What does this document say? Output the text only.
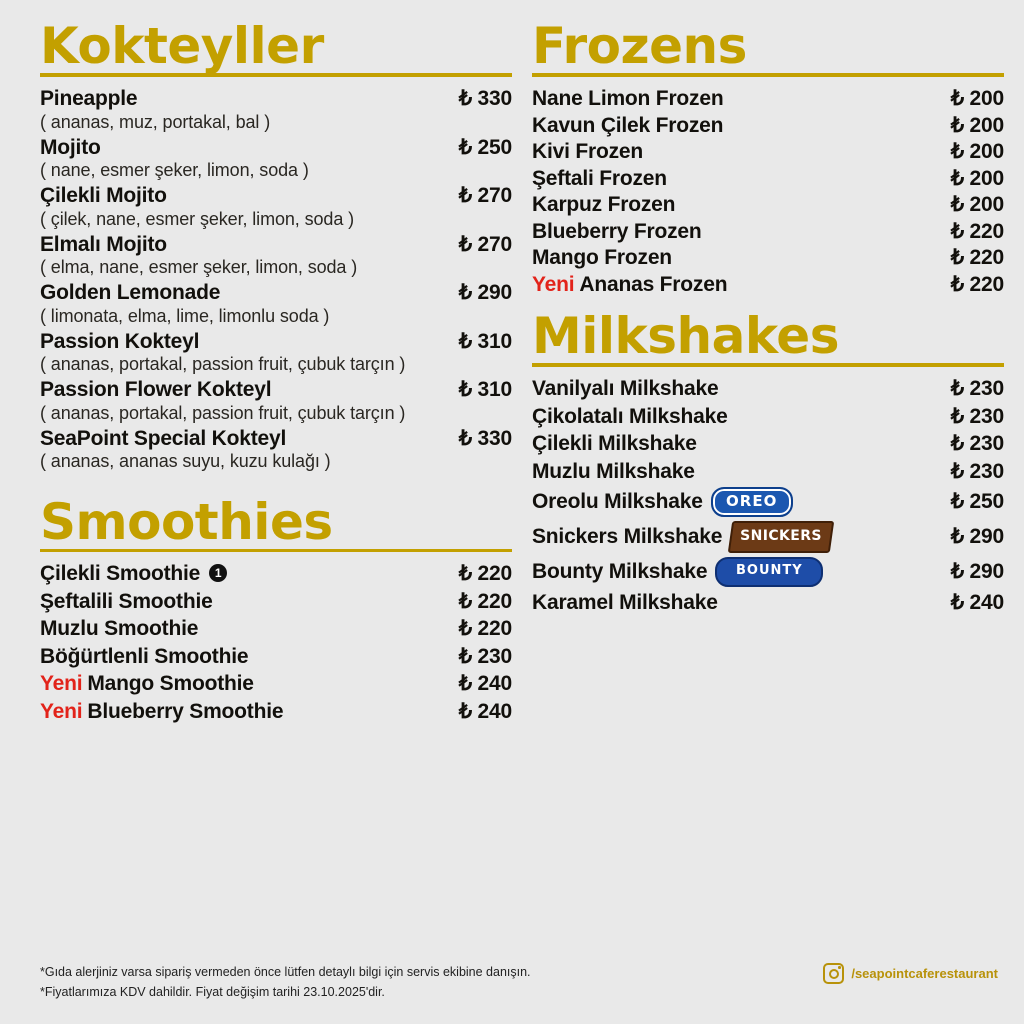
Kokteyller
Pineapple	₺ 330
( ananas, muz, portakal, bal )
Mojito	₺ 250
( nane, esmer şeker, limon, soda )
Çilekli Mojito	₺ 270
( çilek, nane, esmer şeker, limon, soda )
Elmalı Mojito	₺ 270
( elma, nane, esmer şeker, limon, soda )
Golden Lemonade	₺ 290
( limonata, elma, lime, limonlu soda )
Passion Kokteyl	₺ 310
( ananas, portakal, passion fruit, çubuk tarçın )
Passion Flower Kokteyl	₺ 310
( ananas, portakal, passion fruit, çubuk tarçın )
SeaPoint Special Kokteyl	₺ 330
( ananas, ananas suyu, kuzu kulağı )
Smoothies
Çilekli Smoothie	1	₺ 220
Şeftalili Smoothie	₺ 220
Muzlu Smoothie	₺ 220
Böğürtlenli Smoothie	₺ 230
Yeni Mango Smoothie	₺ 240
Yeni Blueberry Smoothie	₺ 240
Frozens
Nane Limon Frozen	₺ 200
Kavun Çilek Frozen	₺ 200
Kivi Frozen	₺ 200
Şeftali Frozen	₺ 200
Karpuz Frozen	₺ 200
Blueberry Frozen	₺ 220
Mango Frozen	₺ 220
Yeni Ananas Frozen	₺ 220
Milkshakes
Vanilyalı Milkshake	₺ 230
Çikolatalı Milkshake	₺ 230
Çilekli Milkshake	₺ 230
Muzlu Milkshake	₺ 230
Oreolu Milkshake	OREO	₺ 250
Snickers Milkshake	SNICKERS	₺ 290
Bounty Milkshake	BOUNTY	₺ 290
Karamel Milkshake	₺ 240
*Gıda alerjiniz varsa sipariş vermeden önce lütfen detaylı bilgi için servis ekibine danışın.
*Fiyatlarımıza KDV dahildir. Fiyat değişim tarihi 23.10.2025'dir.
/seapointcaferestaurant
